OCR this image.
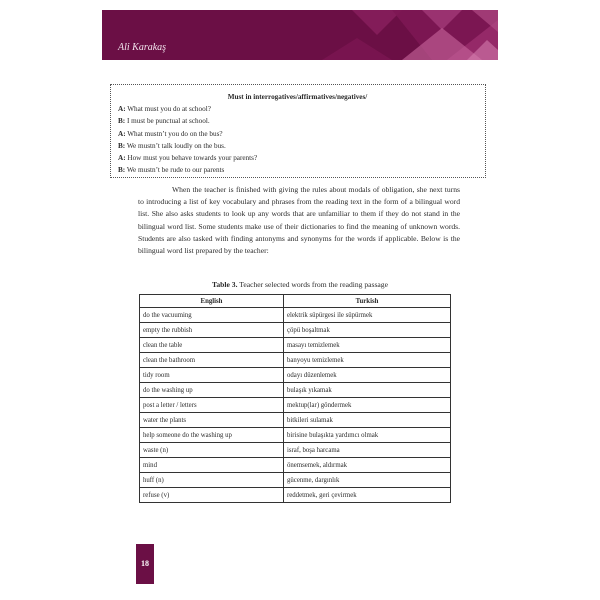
Ali Karakaş
Must in interrogatives/affirmatives/negatives/
A: What must you do at school?
B: I must be punctual at school.
A: What mustn’t you do on the bus?
B: We mustn’t talk loudly on the bus.
A: How must you behave towards your parents?
B: We mustn’t be rude to our parents
When the teacher is finished with giving the rules about modals of obligation, she next turns to introducing a list of key vocabulary and phrases from the reading text in the form of a bilingual word list. She also asks students to look up any words that are unfamiliar to them if they do not stand in the bilingual word list. Some students make use of their dictionaries to find the meaning of unknown words. Students are also tasked with finding antonyms and synonyms for the words if applicable. Below is the bilingual word list prepared by the teacher:
Table 3. Teacher selected words from the reading passage
English	Turkish
do the vacuuming	elektrik süpürgesi ile süpürmek
empty the rubbish	çöpü boşaltmak
clean the table	masayı temizlemek
clean the bathroom	banyoyu temizlemek
tidy room	odayı düzenlemek
do the washing up	bulaşık yıkamak
post a letter / letters	mektup(lar) göndermek
water the plants	bitkileri sulamak
help someone do the washing up	birisine bulaşıkta yardımcı olmak
waste (n)	israf, boşa harcama
mind	önemsemek, aldırmak
huff (n)	gücenme, dargınlık
refuse (v)	reddetmek, geri çevirmek
18
